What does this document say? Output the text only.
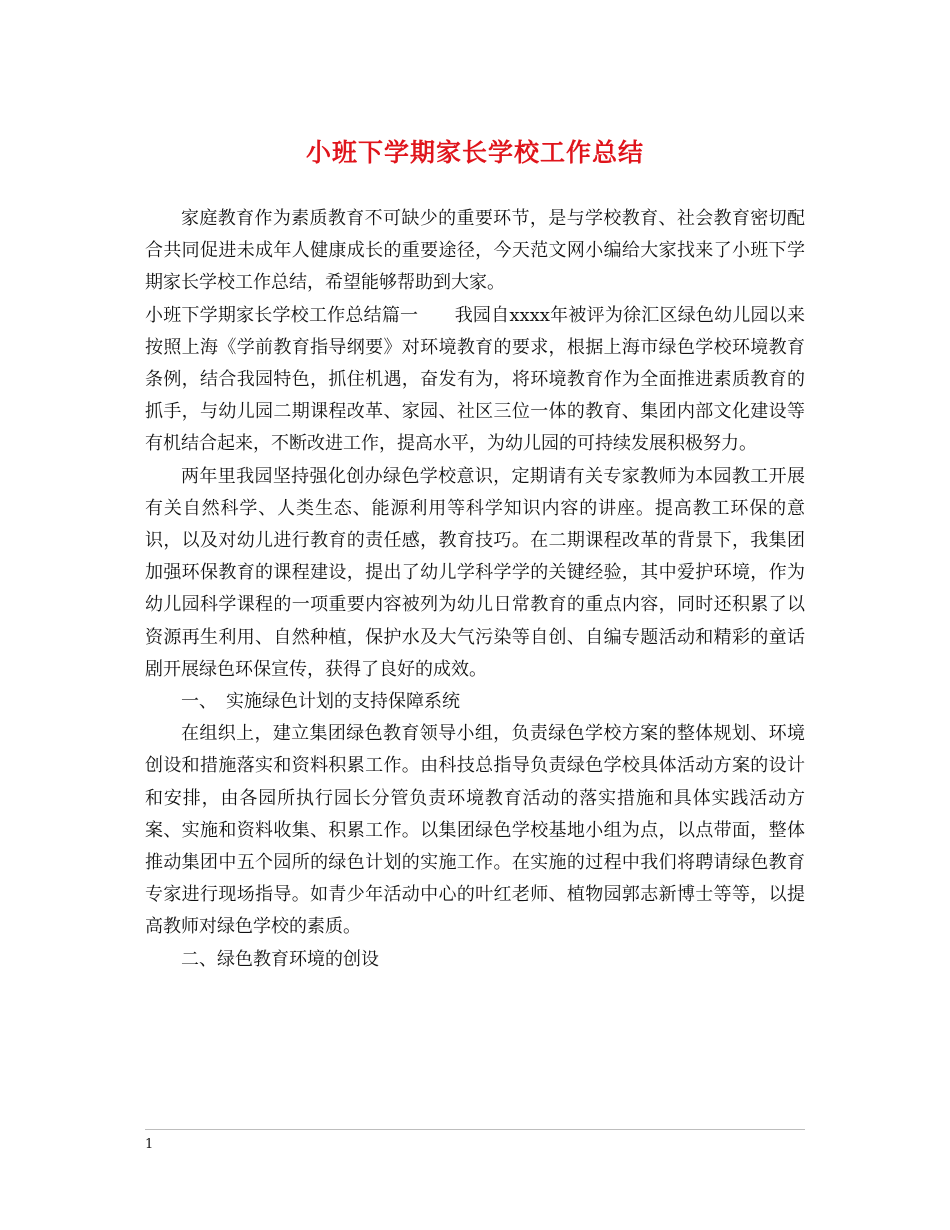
小班下学期家长学校工作总结

家庭教育作为素质教育不可缺少的重要环节，是与学校教育、社会教育密切配合共同促进未成年人健康成长的重要途径，今天范文网小编给大家找来了小班下学期家长学校工作总结，希望能够帮助到大家。

小班下学期家长学校工作总结篇一　　我园自xxxx年被评为徐汇区绿色幼儿园以来按照上海《学前教育指导纲要》对环境教育的要求，根据上海市绿色学校环境教育条例，结合我园特色，抓住机遇，奋发有为，将环境教育作为全面推进素质教育的抓手，与幼儿园二期课程改革、家园、社区三位一体的教育、集团内部文化建设等有机结合起来，不断改进工作，提高水平，为幼儿园的可持续发展积极努力。

两年里我园坚持强化创办绿色学校意识，定期请有关专家教师为本园教工开展有关自然科学、人类生态、能源利用等科学知识内容的讲座。提高教工环保的意识，以及对幼儿进行教育的责任感，教育技巧。在二期课程改革的背景下，我集团加强环保教育的课程建设，提出了幼儿学科学学的关键经验，其中爱护环境，作为幼儿园科学课程的一项重要内容被列为幼儿日常教育的重点内容，同时还积累了以资源再生利用、自然种植，保护水及大气污染等自创、自编专题活动和精彩的童话剧开展绿色环保宣传，获得了良好的成效。

一、　实施绿色计划的支持保障系统

在组织上，建立集团绿色教育领导小组，负责绿色学校方案的整体规划、环境创设和措施落实和资料积累工作。由科技总指导负责绿色学校具体活动方案的设计和安排，由各园所执行园长分管负责环境教育活动的落实措施和具体实践活动方案、实施和资料收集、积累工作。以集团绿色学校基地小组为点，以点带面，整体推动集团中五个园所的绿色计划的实施工作。在实施的过程中我们将聘请绿色教育专家进行现场指导。如青少年活动中心的叶红老师、植物园郭志新博士等等，以提高教师对绿色学校的素质。

二、绿色教育环境的创设

1
